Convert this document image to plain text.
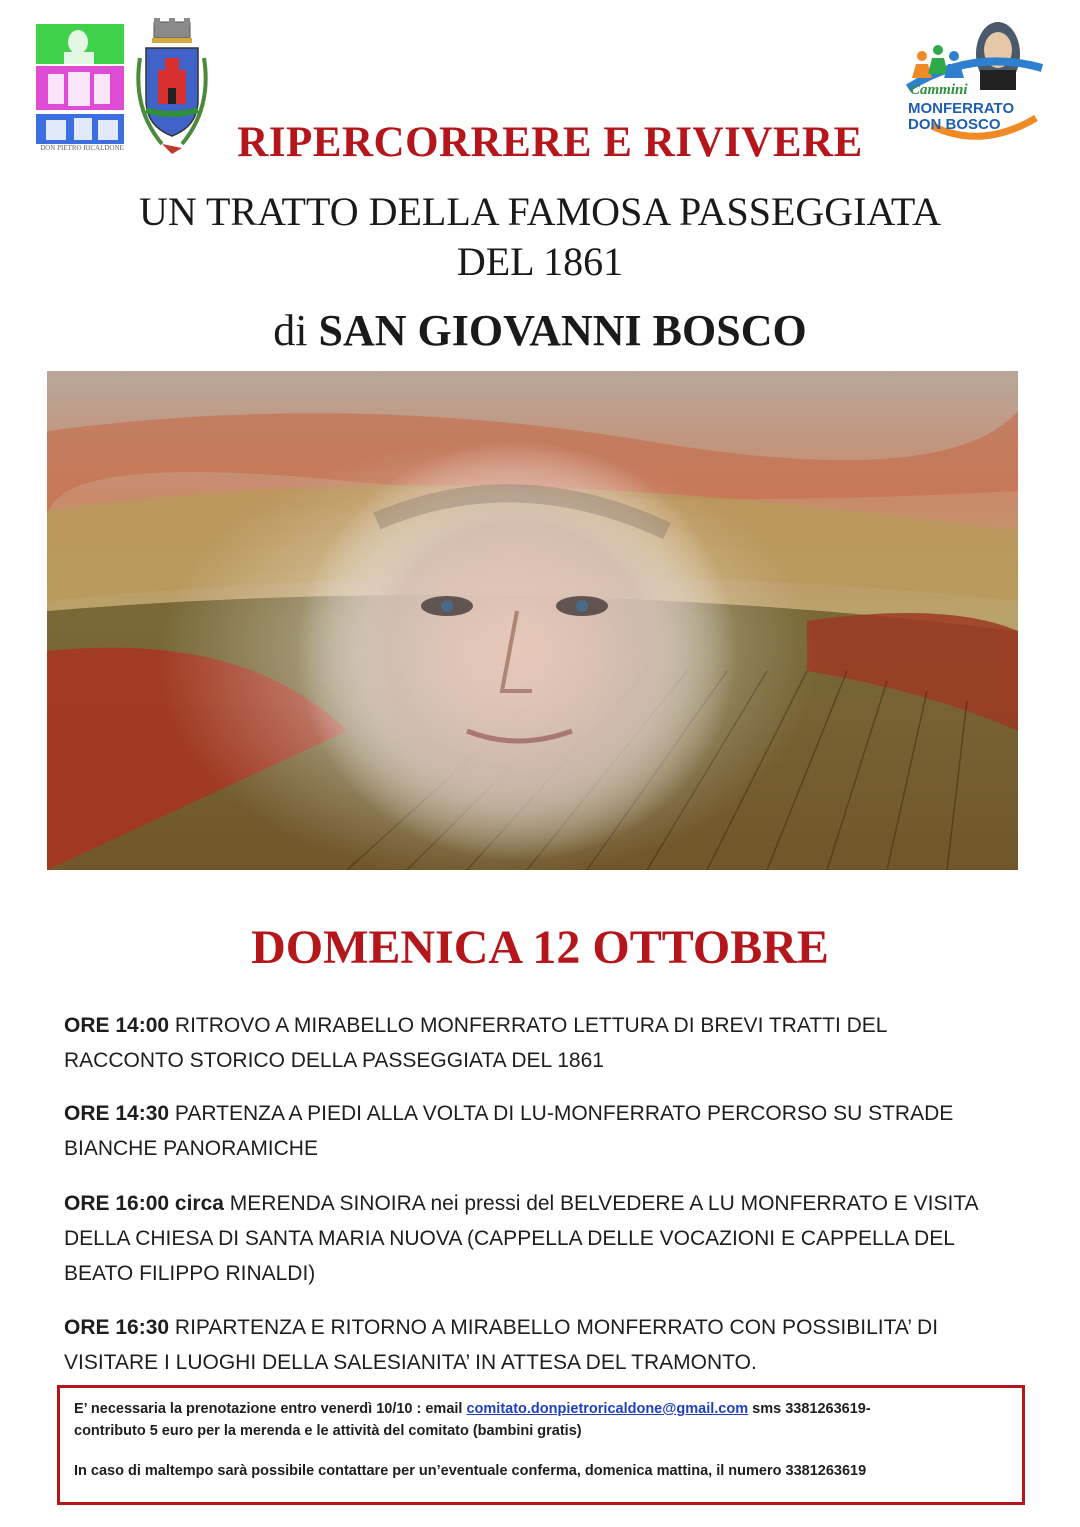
DON PIETRO RICALDONE
Cammini
MONFERRATO
DON BOSCO
RIPERCORRERE E RIVIVERE
UN TRATTO DELLA FAMOSA PASSEGGIATA
DEL 1861
di SAN GIOVANNI BOSCO
DOMENICA 12 OTTOBRE
ORE 14:00 RITROVO A MIRABELLO MONFERRATO LETTURA DI BREVI TRATTI DEL RACCONTO STORICO DELLA PASSEGGIATA DEL 1861
ORE 14:30 PARTENZA A PIEDI ALLA VOLTA DI LU-MONFERRATO PERCORSO SU STRADE BIANCHE PANORAMICHE
ORE 16:00 circa MERENDA SINOIRA nei pressi del BELVEDERE A LU MONFERRATO E VISITA DELLA CHIESA DI SANTA MARIA NUOVA (CAPPELLA DELLE VOCAZIONI E CAPPELLA DEL BEATO FILIPPO RINALDI)
ORE 16:30 RIPARTENZA E RITORNO A MIRABELLO MONFERRATO CON POSSIBILITA’ DI VISITARE I LUOGHI DELLA SALESIANITA’ IN ATTESA DEL TRAMONTO.

E’ necessaria la prenotazione entro venerdì 10/10 : email comitato.donpietroricaldone@gmail.com sms 3381263619-
contributo 5 euro per la merenda e le attività del comitato (bambini gratis)

In caso di maltempo sarà possibile contattare per un’eventuale conferma, domenica mattina, il numero 3381263619
